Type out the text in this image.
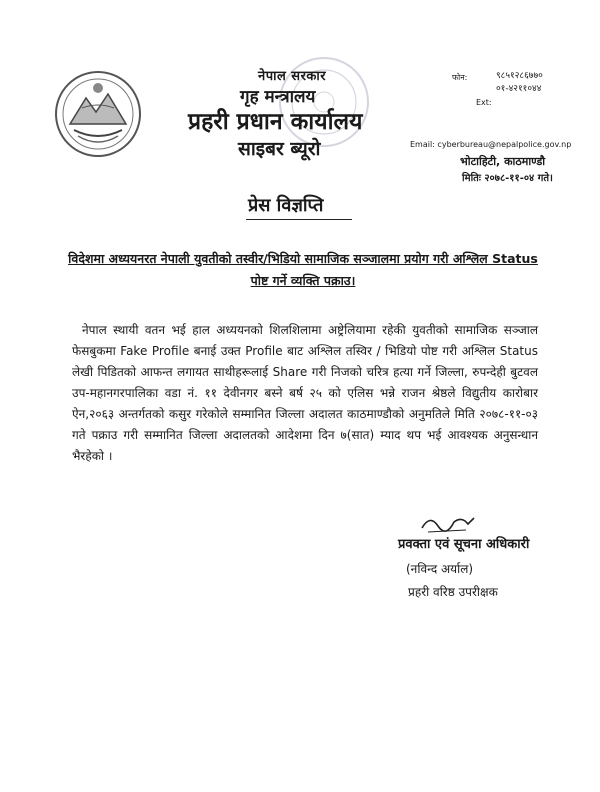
नेपाल सरकार
गृह मन्त्रालय
प्रहरी प्रधान कार्यालय
साइबर ब्यूरो
फोन:	९८५१२८६७७०
०१-४२११०४४
Ext:
Email: cyberbureau@nepalpolice.gov.np
भोटाहिटी, काठमाण्डौ
मितिः २०७८-११-०४ गते।
प्रेस विज्ञप्ति
विदेशमा अध्ययनरत नेपाली युवतीको तस्वीर/भिडियो सामाजिक सञ्जालमा प्रयोग गरी अश्लिल Status पोष्ट गर्ने व्यक्ति पक्राउ।
नेपाल स्थायी वतन भई हाल अध्ययनको शिलशिलामा अष्ट्रेलियामा रहेकी युवतीको सामाजिक सञ्जाल फेसबुकमा Fake Profile बनाई उक्त Profile बाट अश्लिल तस्विर / भिडियो पोष्ट गरी अश्लिल Status लेखी पिडितको आफन्त लगायत साथीहरूलाई Share गरी निजको चरित्र हत्या गर्ने जिल्ला, रुपन्देही बुटवल उप-महानगरपालिका वडा नं. ११ देवीनगर बस्ने बर्ष २५ को एलिस भन्ने राजन श्रेष्ठले विद्युतीय कारोबार ऐन,२०६३ अन्तर्गतको कसुर गरेकोले सम्मानित जिल्ला अदालत काठमाण्डौको अनुमतिले मिति २०७८-११-०३ गते पक्राउ गरी सम्मानित जिल्ला अदालतको आदेशमा दिन ७(सात) म्याद थप भई आवश्यक अनुसन्धान भैरहेको ।
प्रवक्ता एवं सूचना अधिकारी
(नविन्द अर्याल)
प्रहरी वरिष्ठ उपरीक्षक
